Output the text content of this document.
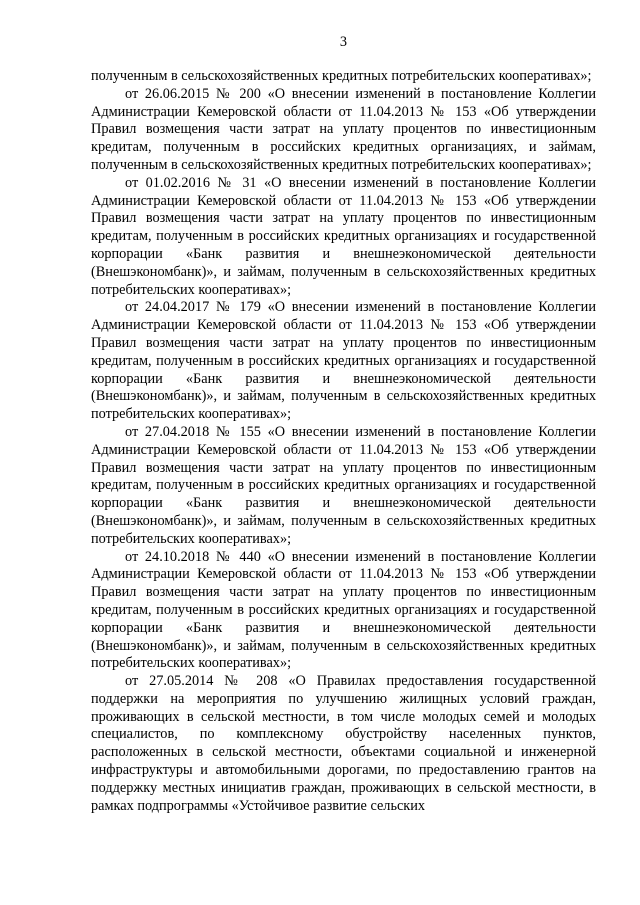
3

полученным в сельскохозяйственных кредитных потребительских кооперативах»;

от 26.06.2015 № 200 «О внесении изменений в постановление Коллегии Администрации Кемеровской области от 11.04.2013 № 153 «Об утверждении Правил возмещения части затрат на уплату процентов по инвестиционным кредитам, полученным в российских кредитных организациях, и займам, полученным в сельскохозяйственных кредитных потребительских кооперативах»;

от 01.02.2016 № 31 «О внесении изменений в постановление Коллегии Администрации Кемеровской области от 11.04.2013 № 153 «Об утверждении Правил возмещения части затрат на уплату процентов по инвестиционным кредитам, полученным в российских кредитных организациях и государственной корпорации «Банк развития и внешнеэкономической деятельности (Внешэкономбанк)», и займам, полученным в сельскохозяйственных кредитных потребительских кооперативах»;

от 24.04.2017 № 179 «О внесении изменений в постановление Коллегии Администрации Кемеровской области от 11.04.2013 № 153 «Об утверждении Правил возмещения части затрат на уплату процентов по инвестиционным кредитам, полученным в российских кредитных организациях и государственной корпорации «Банк развития и внешнеэкономической деятельности (Внешэкономбанк)», и займам, полученным в сельскохозяйственных кредитных потребительских кооперативах»;

от 27.04.2018 № 155 «О внесении изменений в постановление Коллегии Администрации Кемеровской области от 11.04.2013 № 153 «Об утверждении Правил возмещения части затрат на уплату процентов по инвестиционным кредитам, полученным в российских кредитных организациях и государственной корпорации «Банк развития и внешнеэкономической деятельности (Внешэкономбанк)», и займам, полученным в сельскохозяйственных кредитных потребительских кооперативах»;

от 24.10.2018 № 440 «О внесении изменений в постановление Коллегии Администрации Кемеровской области от 11.04.2013 № 153 «Об утверждении Правил возмещения части затрат на уплату процентов по инвестиционным кредитам, полученным в российских кредитных организациях и государственной корпорации «Банк развития и внешнеэкономической деятельности (Внешэкономбанк)», и займам, полученным в сельскохозяйственных кредитных потребительских кооперативах»;

от 27.05.2014 № 208 «О Правилах предоставления государственной поддержки на мероприятия по улучшению жилищных условий граждан, проживающих в сельской местности, в том числе молодых семей и молодых специалистов, по комплексному обустройству населенных пунктов, расположенных в сельской местности, объектами социальной и инженерной инфраструктуры и автомобильными дорогами, по предоставлению грантов на поддержку местных инициатив граждан, проживающих в сельской местности, в рамках подпрограммы «Устойчивое развитие сельских
